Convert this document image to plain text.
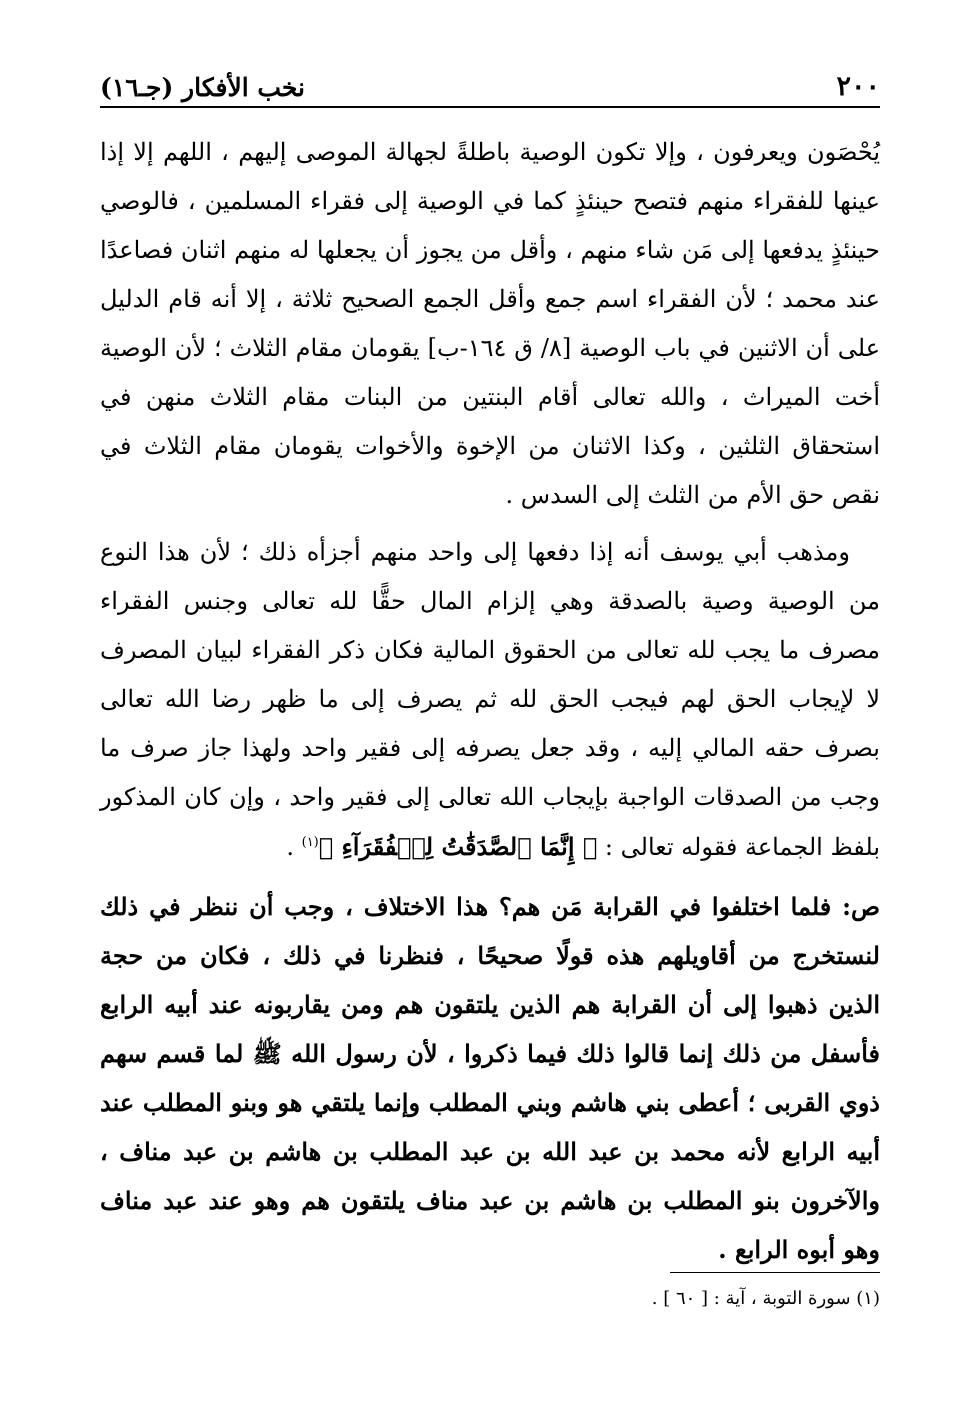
٢٠٠
نخب الأفكار (جـ١٦)

يُحْصَون ويعرفون ، وإلا تكون الوصية باطلةً لجهالة الموصى إليهم ، اللهم إلا إذا عينها للفقراء منهم فتصح حينئذٍ كما في الوصية إلى فقراء المسلمين ، فالوصي حينئذٍ يدفعها إلى مَن شاء منهم ، وأقل من يجوز أن يجعلها له منهم اثنان فصاعدًا عند محمد ؛ لأن الفقراء اسم جمع وأقل الجمع الصحيح ثلاثة ، إلا أنه قام الدليل على أن الاثنين في باب الوصية [٨/ ق ١٦٤-ب] يقومان مقام الثلاث ؛ لأن الوصية أخت الميراث ، والله تعالى أقام البنتين من البنات مقام الثلاث منهن في استحقاق الثلثين ، وكذا الاثنان من الإخوة والأخوات يقومان مقام الثلاث في نقص حق الأم من الثلث إلى السدس .

ومذهب أبي يوسف أنه إذا دفعها إلى واحد منهم أجزأه ذلك ؛ لأن هذا النوع من الوصية وصية بالصدقة وهي إلزام المال حقًّا لله تعالى وجنس الفقراء مصرف ما يجب لله تعالى من الحقوق المالية فكان ذكر الفقراء لبيان المصرف لا لإيجاب الحق لهم فيجب الحق لله ثم يصرف إلى ما ظهر رضا الله تعالى بصرف حقه المالي إليه ، وقد جعل يصرفه إلى فقير واحد ولهذا جاز صرف ما وجب من الصدقات الواجبة بإيجاب الله تعالى إلى فقير واحد ، وإن كان المذكور بلفظ الجماعة فقوله تعالى : ﴿ إِنَّمَا ٱلصَّدَقَٰتُ لِلۡفُقَرَآءِ ﴾$^{(١)}$ .

ص: فلما اختلفوا في القرابة مَن هم؟ هذا الاختلاف ، وجب أن ننظر في ذلك لنستخرج من أقاويلهم هذه قولًا صحيحًا ، فنظرنا في ذلك ، فكان من حجة الذين ذهبوا إلى أن القرابة هم الذين يلتقون هم ومن يقاربونه عند أبيه الرابع فأسفل من ذلك إنما قالوا ذلك فيما ذكروا ، لأن رسول الله ﷺ لما قسم سهم ذوي القربى ؛ أعطى بني هاشم وبني المطلب وإنما يلتقي هو وبنو المطلب عند أبيه الرابع لأنه محمد بن عبد الله بن عبد المطلب بن هاشم بن عبد مناف ، والآخرون بنو المطلب بن هاشم بن عبد مناف يلتقون هم وهو عند عبد مناف وهو أبوه الرابع .

(١) سورة التوبة ، آية : [ ٦٠ ] .
